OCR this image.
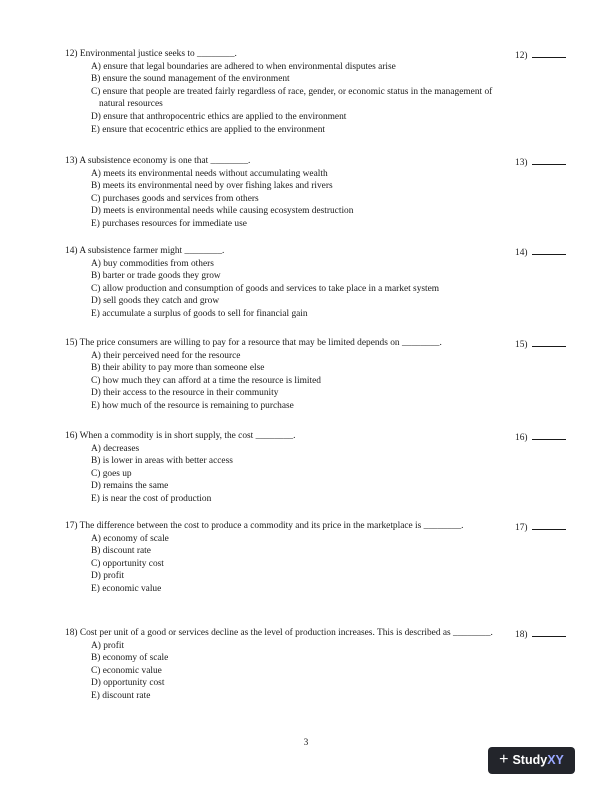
12) Environmental justice seeks to ________.	12)
A) ensure that legal boundaries are adhered to when environmental disputes arise
B) ensure the sound management of the environment
C) ensure that people are treated fairly regardless of race, gender, or economic status in the management of natural resources
D) ensure that anthropocentric ethics are applied to the environment
E) ensure that ecocentric ethics are applied to the environment
13) A subsistence economy is one that ________.	13)
A) meets its environmental needs without accumulating wealth
B) meets its environmental need by over fishing lakes and rivers
C) purchases goods and services from others
D) meets is environmental needs while causing ecosystem destruction
E) purchases resources for immediate use
14) A subsistence farmer might ________.	14)
A) buy commodities from others
B) barter or trade goods they grow
C) allow production and consumption of goods and services to take place in a market system
D) sell goods they catch and grow
E) accumulate a surplus of goods to sell for financial gain
15) The price consumers are willing to pay for a resource that may be limited depends on ________.	15)
A) their perceived need for the resource
B) their ability to pay more than someone else
C) how much they can afford at a time the resource is limited
D) their access to the resource in their community
E) how much of the resource is remaining to purchase
16) When a commodity is in short supply, the cost ________.	16)
A) decreases
B) is lower in areas with better access
C) goes up
D) remains the same
E) is near the cost of production
17) The difference between the cost to produce a commodity and its price in the marketplace is ________.	17)
A) economy of scale
B) discount rate
C) opportunity cost
D) profit
E) economic value
18) Cost per unit of a good or services decline as the level of production increases. This is described as ________.	18)
A) profit
B) economy of scale
C) economic value
D) opportunity cost
E) discount rate
3
+ StudyXY
